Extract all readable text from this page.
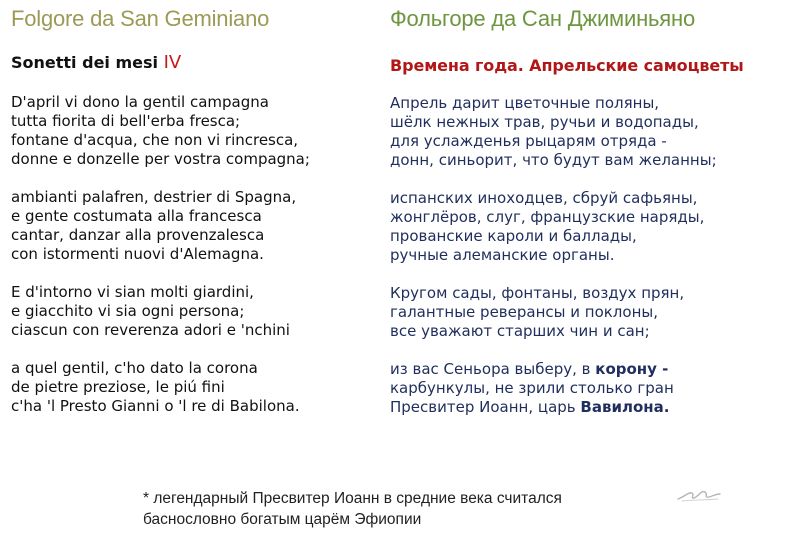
Folgore da San Geminiano
Sonetti dei mesi IV
D'april vi dono la gentil campagna
tutta fiorita di bell'erba fresca;
fontane d'acqua, che non vi rincresca,
donne e donzelle per vostra compagna;
ambianti palafren, destrier di Spagna,
e gente costumata alla francesca
cantar, danzar alla provenzalesca
con istormenti nuovi d'Alemagna.
E d'intorno vi sian molti giardini,
e giacchito vi sia ogni persona;
ciascun con reverenza adori e 'nchini
a quel gentil, c'ho dato la corona
de pietre preziose, le piú fini
c'ha 'l Presto Gianni o 'l re di Babilona.
Фольгоре да Сан Джиминьяно
Времена года. Апрельские самоцветы
Апрель дарит цветочные поляны,
шёлк нежных трав, ручьи и водопады,
для услажденья рыцарям отряда -
донн, синьорит, что будут вам желанны;
испанских иноходцев, сбруй сафьяны,
жонглёров, слуг, французские наряды,
прованские кароли и баллады,
ручные алеманские органы.
Кругом сады, фонтаны, воздух прян,
галантные реверансы и поклоны,
все уважают старших чин и сан;
из вас Сеньора выберу, в корону -
карбункулы, не зрили столько гран
Пресвитер Иоанн, царь Вавилона.
* легендарный Пресвитер Иоанн в средние века считался
баснословно богатым царём Эфиопии
